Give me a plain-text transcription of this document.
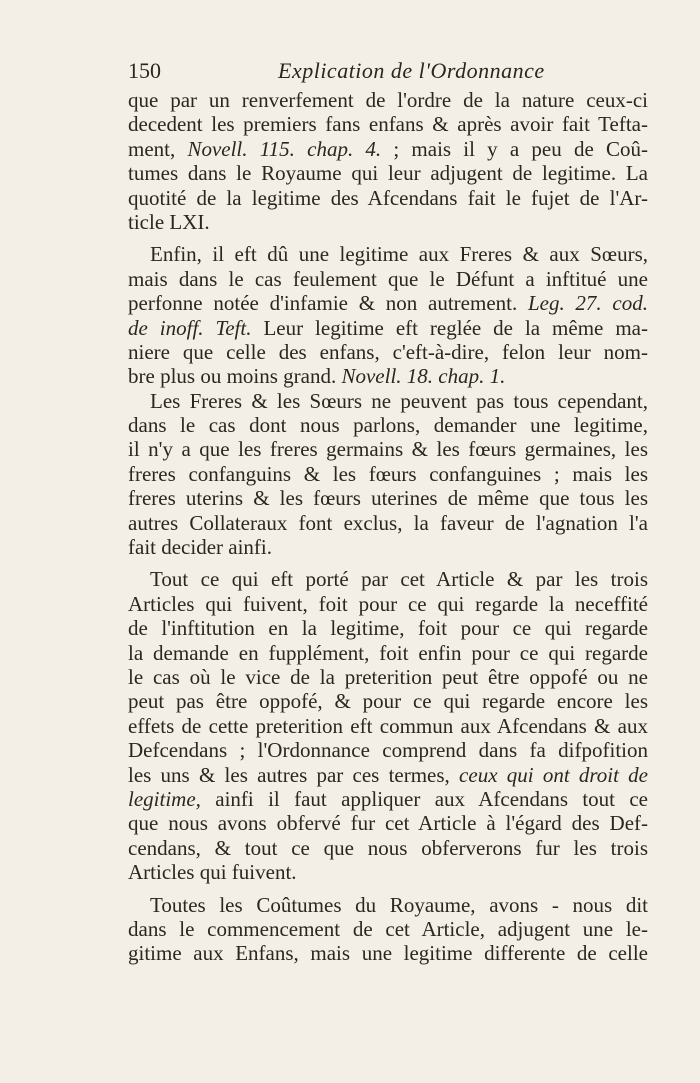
150	Explication de l'Ordonnance
que par un renverfement de l'ordre de la nature ceux-ci
decedent les premiers fans enfans & après avoir fait Tefta-
ment, Novell. 115. chap. 4. ; mais il y a peu de Coû-
tumes dans le Royaume qui leur adjugent de legitime. La
quotité de la legitime des Afcendans fait le fujet de l'Ar-
ticle LXI.
Enfin, il eft dû une legitime aux Freres & aux Sœurs,
mais dans le cas feulement que le Défunt a inftitué une
perfonne notée d'infamie & non autrement. Leg. 27. cod.
de inoff. Teft. Leur legitime eft reglée de la même ma-
niere que celle des enfans, c'eft-à-dire, felon leur nom-
bre plus ou moins grand. Novell. 18. chap. 1.
Les Freres & les Sœurs ne peuvent pas tous cependant,
dans le cas dont nous parlons, demander une legitime,
il n'y a que les freres germains & les fœurs germaines, les
freres confanguins & les fœurs confanguines ; mais les
freres uterins & les fœurs uterines de même que tous les
autres Collateraux font exclus, la faveur de l'agnation l'a
fait decider ainfi.
Tout ce qui eft porté par cet Article & par les trois
Articles qui fuivent, foit pour ce qui regarde la neceffité
de l'inftitution en la legitime, foit pour ce qui regarde
la demande en fupplément, foit enfin pour ce qui regarde
le cas où le vice de la preterition peut être oppofé ou ne
peut pas être oppofé, & pour ce qui regarde encore les
effets de cette preterition eft commun aux Afcendans & aux
Defcendans ; l'Ordonnance comprend dans fa difpofition
les uns & les autres par ces termes, ceux qui ont droit de
legitime, ainfi il faut appliquer aux Afcendans tout ce
que nous avons obfervé fur cet Article à l'égard des Def-
cendans, & tout ce que nous obferverons fur les trois
Articles qui fuivent.
Toutes les Coûtumes du Royaume, avons - nous dit
dans le commencement de cet Article, adjugent une le-
gitime aux Enfans, mais une legitime differente de celle
